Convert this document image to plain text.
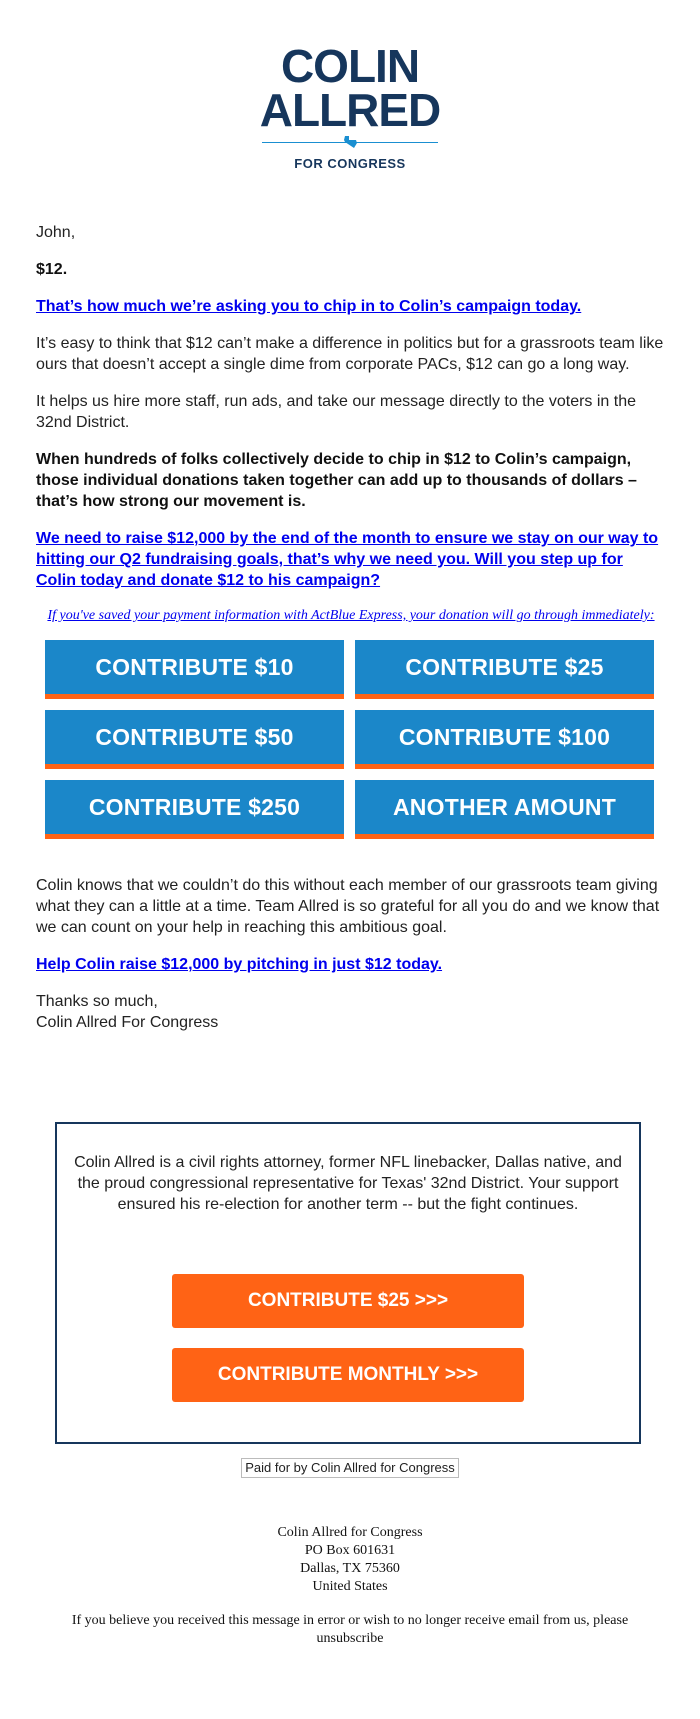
COLIN
ALLRED
FOR CONGRESS

John,

$12.

That’s how much we’re asking you to chip in to Colin’s campaign today.

It’s easy to think that $12 can’t make a difference in politics but for a grassroots team like ours that doesn’t accept a single dime from corporate PACs, $12 can go a long way.

It helps us hire more staff, run ads, and take our message directly to the voters in the 32nd District.

When hundreds of folks collectively decide to chip in $12 to Colin’s campaign, those individual donations taken together can add up to thousands of dollars – that’s how strong our movement is.

We need to raise $12,000 by the end of the month to ensure we stay on our way to hitting our Q2 fundraising goals, that’s why we need you. Will you step up for Colin today and donate $12 to his campaign?

If you've saved your payment information with ActBlue Express, your donation will go through immediately:

CONTRIBUTE $10	CONTRIBUTE $25
CONTRIBUTE $50	CONTRIBUTE $100
CONTRIBUTE $250	ANOTHER AMOUNT

Colin knows that we couldn’t do this without each member of our grassroots team giving what they can a little at a time. Team Allred is so grateful for all you do and we know that we can count on your help in reaching this ambitious goal.

Help Colin raise $12,000 by pitching in just $12 today.

Thanks so much,
Colin Allred For Congress

Colin Allred is a civil rights attorney, former NFL linebacker, Dallas native, and the proud congressional representative for Texas' 32nd District. Your support ensured his re-election for another term -- but the fight continues.
CONTRIBUTE $25 >>>
CONTRIBUTE MONTHLY >>>
Paid for by Colin Allred for Congress
Colin Allred for Congress
PO Box 601631
Dallas, TX 75360
United States
If you believe you received this message in error or wish to no longer receive email from us, please unsubscribe
